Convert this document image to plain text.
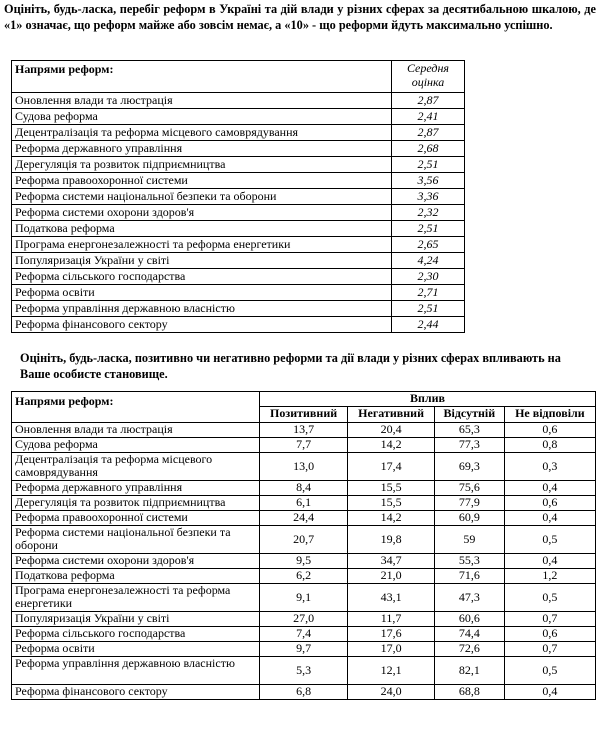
Оцініть, будь-ласка, перебіг реформ в Україні та дій влади у різних сферах за десятибальною шкалою, де «1» означає, що реформ майже або зовсім немає, а «10» - що реформи йдуть максимально успішно.
Напрями реформ:	Середня оцінка
Оновлення влади та люстрація	2,87
Судова реформа	2,41
Децентралізація та реформа місцевого самоврядування	2,87
Реформа державного управління	2,68
Дерегуляція та розвиток підприємництва	2,51
Реформа правоохоронної системи	3,56
Реформа системи національної безпеки та оборони	3,36
Реформа системи охорони здоров'я	2,32
Податкова реформа	2,51
Програма енергонезалежності та реформа енергетики	2,65
Популяризація України у світі	4,24
Реформа сільського господарства	2,30
Реформа освіти	2,71
Реформа управління державною власністю	2,51
Реформа фінансового сектору	2,44
Оцініть, будь-ласка, позитивно чи негативно реформи та дії влади у різних сферах впливають на Ваше особисте становище.
Напрями реформ:	Вплив			
	Позитивний	Негативний	Відсутній	Не відповіли
Оновлення влади та люстрація	13,7	20,4	65,3	0,6
Судова реформа	7,7	14,2	77,3	0,8
Децентралізація та реформа місцевого самоврядування	13,0	17,4	69,3	0,3
Реформа державного управління	8,4	15,5	75,6	0,4
Дерегуляція та розвиток підприємництва	6,1	15,5	77,9	0,6
Реформа правоохоронної системи	24,4	14,2	60,9	0,4
Реформа системи національної безпеки та оборони	20,7	19,8	59	0,5
Реформа системи охорони здоров'я	9,5	34,7	55,3	0,4
Податкова реформа	6,2	21,0	71,6	1,2
Програма енергонезалежності та реформа енергетики	9,1	43,1	47,3	0,5
Популяризація України у світі	27,0	11,7	60,6	0,7
Реформа сільського господарства	7,4	17,6	74,4	0,6
Реформа освіти	9,7	17,0	72,6	0,7
Реформа управління державною власністю	5,3	12,1	82,1	0,5
Реформа фінансового сектору	6,8	24,0	68,8	0,4
